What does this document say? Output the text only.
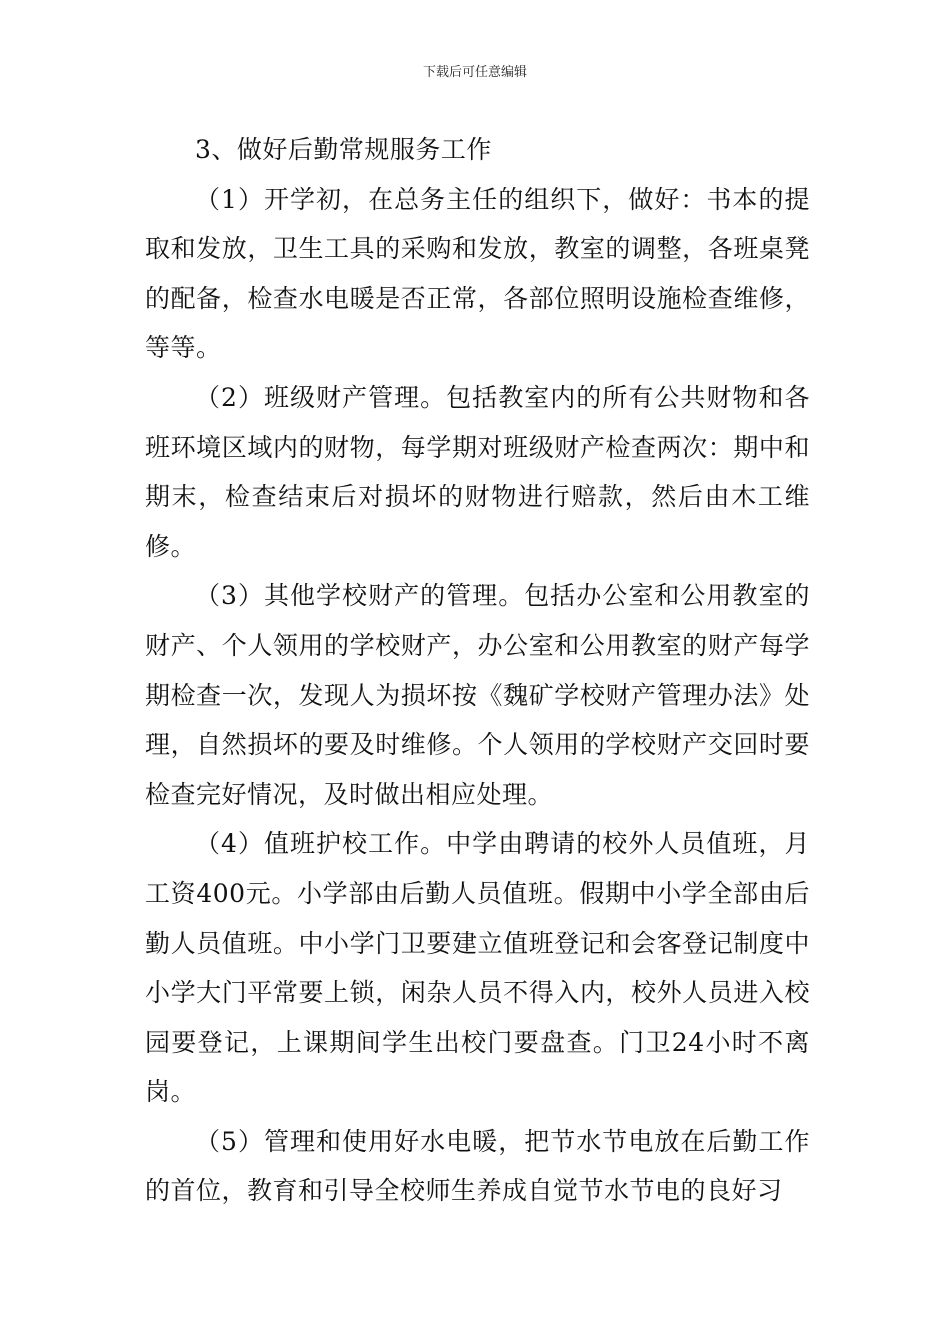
下载后可任意编辑

3、做好后勤常规服务工作

（1）开学初，在总务主任的组织下，做好：书本的提取和发放，卫生工具的采购和发放，教室的调整，各班桌凳的配备，检查水电暖是否正常，各部位照明设施检查维修，等等。

（2）班级财产管理。包括教室内的所有公共财物和各班环境区域内的财物，每学期对班级财产检查两次：期中和期末，检查结束后对损坏的财物进行赔款，然后由木工维修。

（3）其他学校财产的管理。包括办公室和公用教室的财产、个人领用的学校财产，办公室和公用教室的财产每学期检查一次，发现人为损坏按《魏矿学校财产管理办法》处理，自然损坏的要及时维修。个人领用的学校财产交回时要检查完好情况，及时做出相应处理。

（4）值班护校工作。中学由聘请的校外人员值班，月工资400元。小学部由后勤人员值班。假期中小学全部由后勤人员值班。中小学门卫要建立值班登记和会客登记制度中小学大门平常要上锁，闲杂人员不得入内，校外人员进入校园要登记，上课期间学生出校门要盘查。门卫24小时不离岗。

（5）管理和使用好水电暖，把节水节电放在后勤工作的首位，教育和引导全校师生养成自觉节水节电的良好习
